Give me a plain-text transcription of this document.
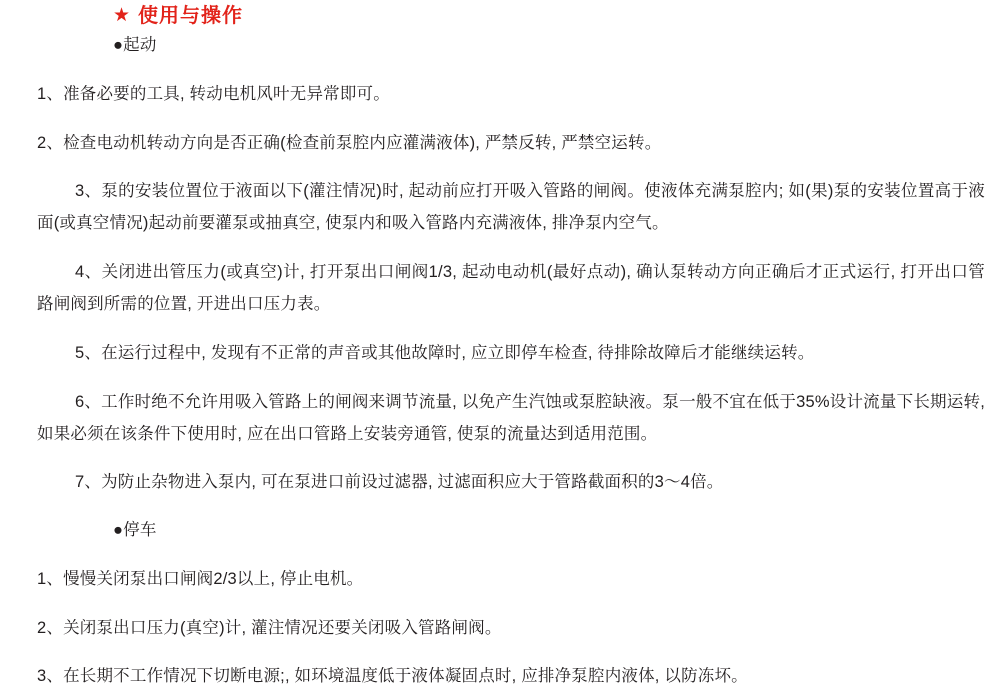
★ 使用与操作
●起动

1、准备必要的工具, 转动电机风叶无异常即可。

2、检查电动机转动方向是否正确(检查前泵腔内应灌满液体), 严禁反转, 严禁空运转。

3、泵的安装位置位于液面以下(灌注情况)时, 起动前应打开吸入管路的闸阀。使液体充满泵腔内; 如(果)泵的安装位置高于液面(或真空情况)起动前要灌泵或抽真空, 使泵内和吸入管路内充满液体, 排净泵内空气。

4、关闭进出管压力(或真空)计, 打开泵出口闸阀1/3, 起动电动机(最好点动), 确认泵转动方向正确后才正式运行, 打开出口管路闸阀到所需的位置, 开进出口压力表。

5、在运行过程中, 发现有不正常的声音或其他故障时, 应立即停车检查, 待排除故障后才能继续运转。

6、工作时绝不允许用吸入管路上的闸阀来调节流量, 以免产生汽蚀或泵腔缺液。泵一般不宜在低于35%设计流量下长期运转, 如果必须在该条件下使用时, 应在出口管路上安装旁通管, 使泵的流量达到适用范围。

7、为防止杂物进入泵内, 可在泵进口前设过滤器, 过滤面积应大于管路截面积的3～4倍。

●停车

1、慢慢关闭泵出口闸阀2/3以上, 停止电机。

2、关闭泵出口压力(真空)计, 灌注情况还要关闭吸入管路闸阀。

3、在长期不工作情况下切断电源;, 如环境温度低于液体凝固点时, 应排净泵腔内液体, 以防冻坏。
